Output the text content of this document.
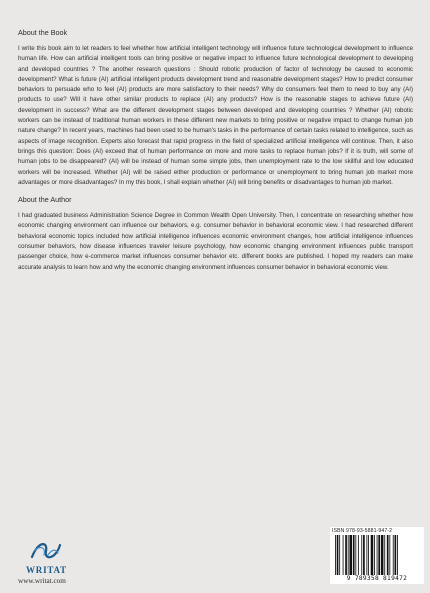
About the Book

I write this book aim to let readers to feel whether how artificial intelligent technology will influence future technological development to influence human life. How can artificial intelligent tools can bring positive or negative impact to influence future technological development to developing and developed countries ? The another research questions : Should robotic production of factor of technology be caused to economic development? What is future (AI) artificial intelligent products development trend and reasonable development stages? How to predict consumer behaviors to persuade who to feel (AI) products are more satisfactory to their needs? Why do consumers feel them to need to buy any (AI) products to use? Will it have other similar products to replace (AI) any products? How is the reasonable stages to achieve future (AI) development in success? What are the different development stages between developed and developing countries ? Whether (AI) robotic workers can be instead of traditional human workers in these different new markets to bring positive or negative impact to change human job nature change? In recent years, machines had been used to be human's tasks in the performance of certain tasks related to intelligence, such as aspects of image recognition. Experts also forecast that rapid progress in the field of specialized artificial intelligence will continue. Then, it also brings this question: Does (AI) exceed that of human performance on more and more tasks to replace human jobs? If it is truth, will some of human jobs to be disappeared? (AI) will be instead of human some simple jobs, then unemployment rate to the low skillful and low educated workers will be increased. Whether (AI) will be raised either production or performance or unemployment to bring human job market more advantages or more disadvantages? In my this book, I shall explain whether (AI) will bring benefits or disadvantages to human job market.

About the Author

I had graduated business Administration Science Degree in Common Wealth Open University. Then, I concentrate on researching whether how economic changing environment can influence our behaviors, e.g. consumer behavior in behavioral economic view. I had researched different behavioral economic topics included how artificial intelligence influences economic environment changes, how artificial intelligence influences consumer behaviors, how disease influences traveler leisure psychology, how economic changing environment influences public transport passenger choice, how e-commerce market influences consumer behavior etc. different books are published. I hoped my readers can make accurate analysis to learn how and why the economic changing environment influences consumer behavior in behavioral economic view.

WRITAT
www.writat.com
ISBN 978-93-5881-947-2
9 789358 819472
